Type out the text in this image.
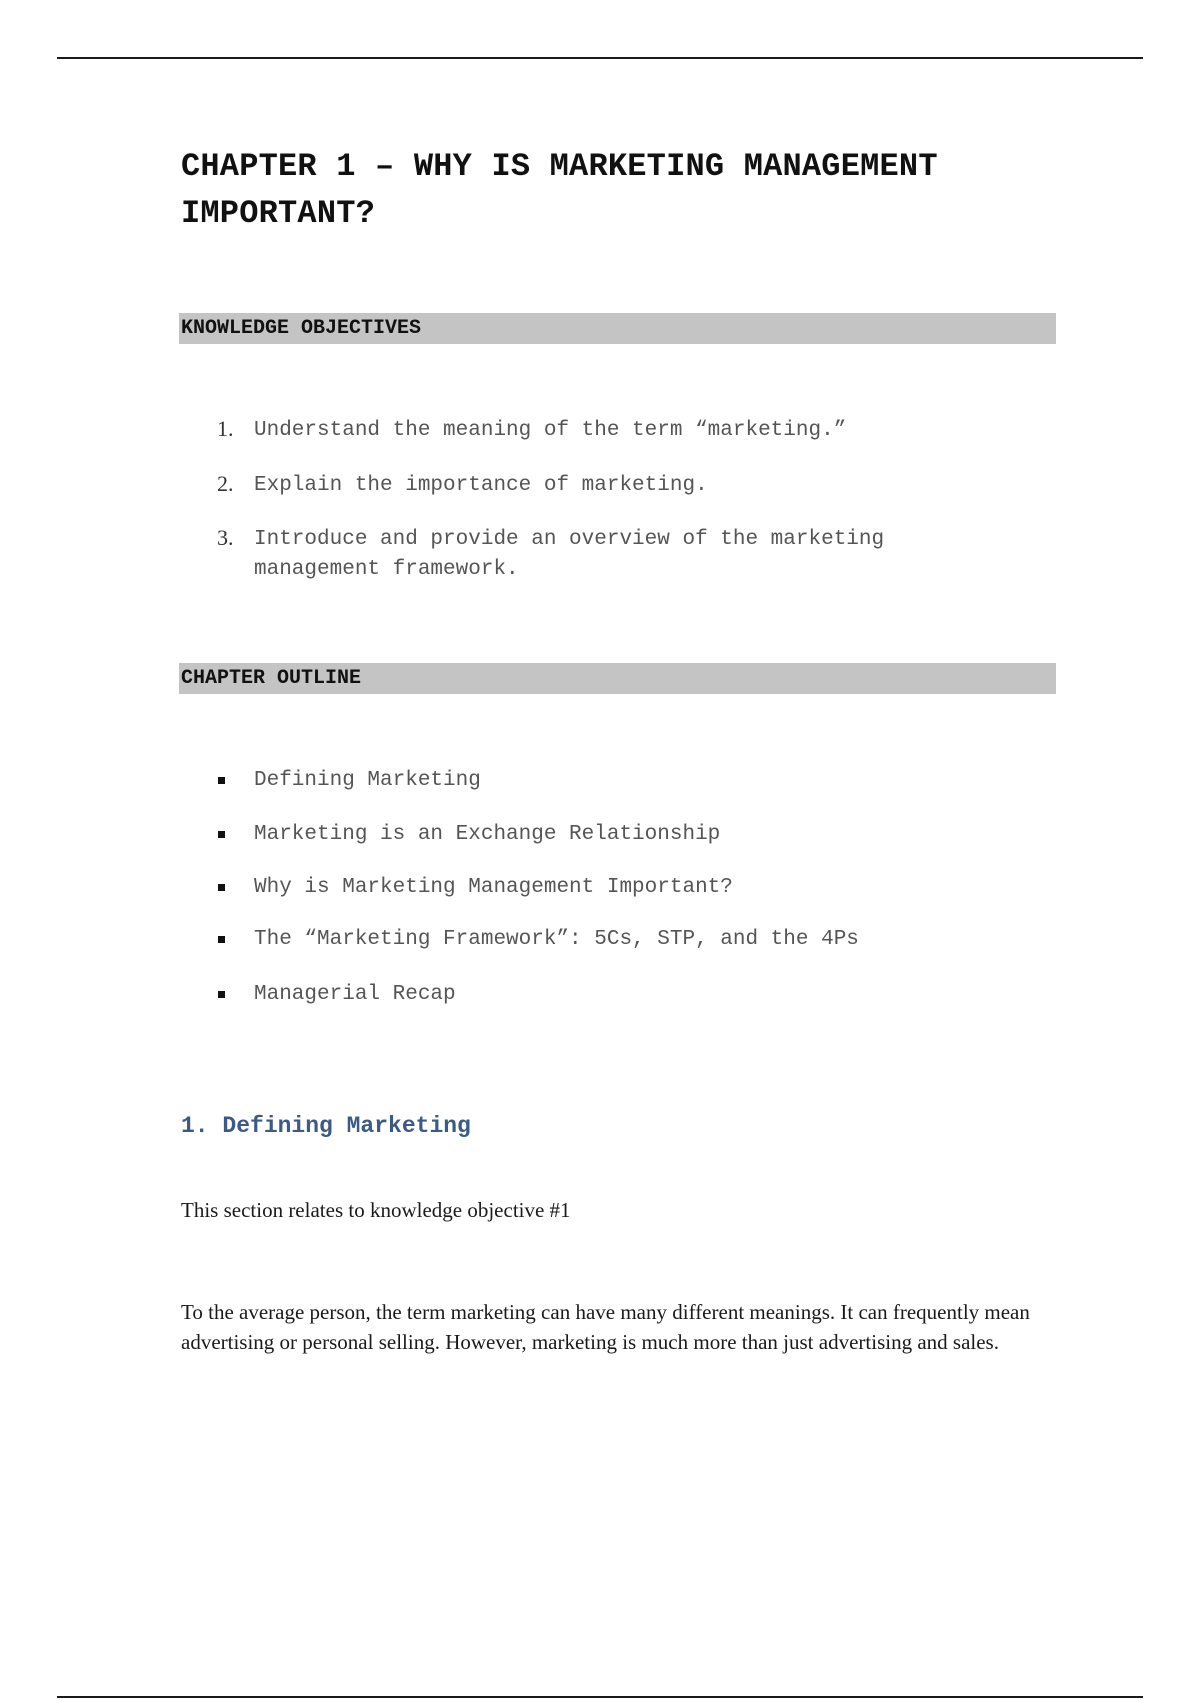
CHAPTER 1 – WHY IS MARKETING MANAGEMENT IMPORTANT?
KNOWLEDGE OBJECTIVES
1. Understand the meaning of the term “marketing.”
2. Explain the importance of marketing.
3. Introduce and provide an overview of the marketing management framework.
CHAPTER OUTLINE
Defining Marketing
Marketing is an Exchange Relationship
Why is Marketing Management Important?
The “Marketing Framework”: 5Cs, STP, and the 4Ps
Managerial Recap
1. Defining Marketing

This section relates to knowledge objective #1

To the average person, the term marketing can have many different meanings. It can frequently mean advertising or personal selling. However, marketing is much more than just advertising and sales.
